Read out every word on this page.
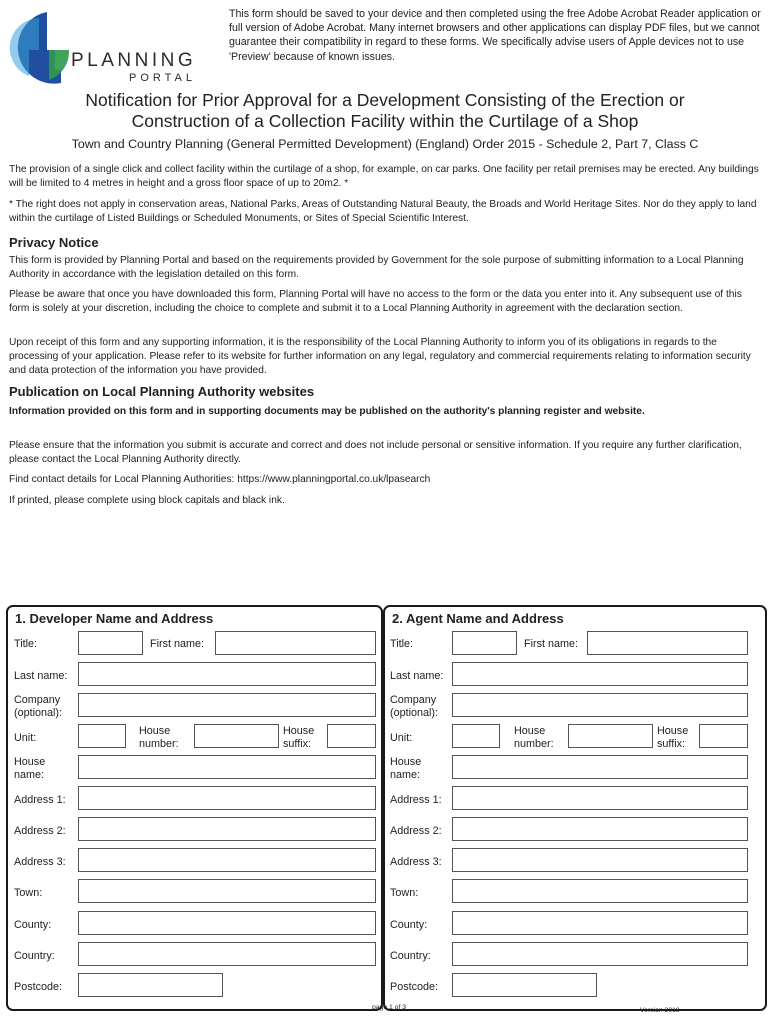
PLANNING
PORTAL
This form should be saved to your device and then completed using the free Adobe Acrobat Reader application or full version of Adobe Acrobat. Many internet browsers and other applications can display PDF files, but we cannot guarantee their compatibility in regard to these forms. We specifically advise users of Apple devices not to use 'Preview' because of known issues.
Notification for Prior Approval for a Development Consisting of the Erection or
Construction of a Collection Facility within the Curtilage of a Shop
Town and Country Planning (General Permitted Development) (England) Order 2015 - Schedule 2, Part 7, Class C
The provision of a single click and collect facility within the curtilage of a shop, for example, on car parks. One facility per retail premises may be erected. Any buildings will be limited to 4 metres in height and a gross floor space of up to 20m2. *
* The right does not apply in conservation areas, National Parks, Areas of Outstanding Natural Beauty, the Broads and World Heritage Sites. Nor do they apply to land within the curtilage of Listed Buildings or Scheduled Monuments, or Sites of Special Scientific Interest.
Privacy Notice
This form is provided by Planning Portal and based on the requirements provided by Government for the sole purpose of submitting information to a Local Planning Authority in accordance with the legislation detailed on this form.
Please be aware that once you have downloaded this form, Planning Portal will have no access to the form or the data you enter into it. Any subsequent use of this form is solely at your discretion, including the choice to complete and submit it to a Local Planning Authority in agreement with the declaration section.
Upon receipt of this form and any supporting information, it is the responsibility of the Local Planning Authority to inform you of its obligations in regards to the processing of your application. Please refer to its website for further information on any legal, regulatory and commercial requirements relating to information security and data protection of the information you have provided.
Publication on Local Planning Authority websites
Information provided on this form and in supporting documents may be published on the authority's planning register and website.
Please ensure that the information you submit is accurate and correct and does not include personal or sensitive information. If you require any further clarification, please contact the Local Planning Authority directly.
Find contact details for Local Planning Authorities: https://www.planningportal.co.uk/lpasearch
If printed, please complete using block capitals and black ink.
1. Developer Name and Address
Title:	First name:
Last name:
Company (optional):
Unit:
House number:
House suffix:
House name:
Address 1:
Address 2:
Address 3:
Town:
County:
Country:
Postcode:
2. Agent Name and Address
Title:	First name:
Last name:
Company (optional):
Unit:
House number:
House suffix:
House name:
Address 1:
Address 2:
Address 3:
Town:
County:
Country:
Postcode:
page 1 of 3	Version 2018
